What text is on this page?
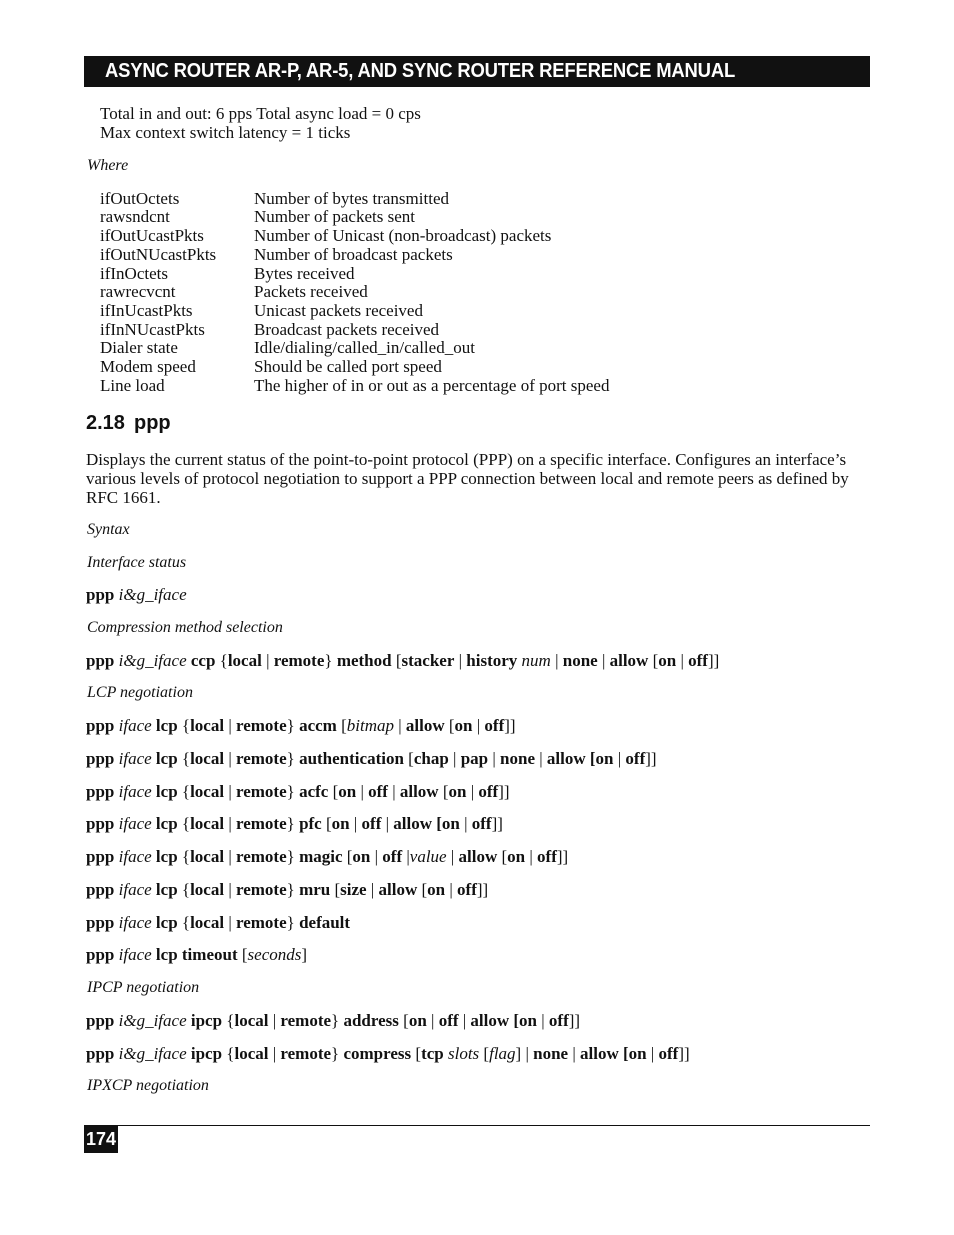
ASYNC ROUTER AR-P, AR-5, AND SYNC ROUTER REFERENCE MANUAL
Total in and out: 6 pps Total async load = 0 cps
Max context switch latency = 1 ticks
Where
ifOutOctets	Number of bytes transmitted
rawsndcnt	Number of packets sent
ifOutUcastPkts	Number of Unicast (non-broadcast) packets
ifOutNUcastPkts Number of broadcast packets
ifInOctets	Bytes received
rawrecvcnt	Packets received
ifInUcastPkts	Unicast packets received
ifInNUcastPkts	Broadcast packets received
Dialer state	Idle/dialing/called_in/called_out
Modem speed	Should be called port speed
Line load	The higher of in or out as a percentage of port speed
2.18 ppp
Displays the current status of the point-to-point protocol (PPP) on a specific interface. Configures an interface’s various levels of protocol negotiation to support a PPP connection between local and remote peers as defined by RFC 1661.
Syntax
Interface status
ppp i&g_iface
Compression method selection
ppp i&g_iface ccp {local | remote} method [stacker | history num | none | allow [on | off]]
LCP negotiation
ppp iface lcp {local | remote} accm [bitmap | allow [on | off]]
ppp iface lcp {local | remote} authentication [chap | pap | none | allow [on | off]]
ppp iface lcp {local | remote} acfc [on | off | allow [on | off]]
ppp iface lcp {local | remote} pfc [on | off | allow [on | off]]
ppp iface lcp {local | remote} magic [on | off |value | allow [on | off]]
ppp iface lcp {local | remote} mru [size | allow [on | off]]
ppp iface lcp {local | remote} default
ppp iface lcp timeout [seconds]
IPCP negotiation
ppp i&g_iface ipcp {local | remote} address [on | off | allow [on | off]]
ppp i&g_iface ipcp {local | remote} compress [tcp slots [flag] | none | allow [on | off]]
IPXCP negotiation
174
